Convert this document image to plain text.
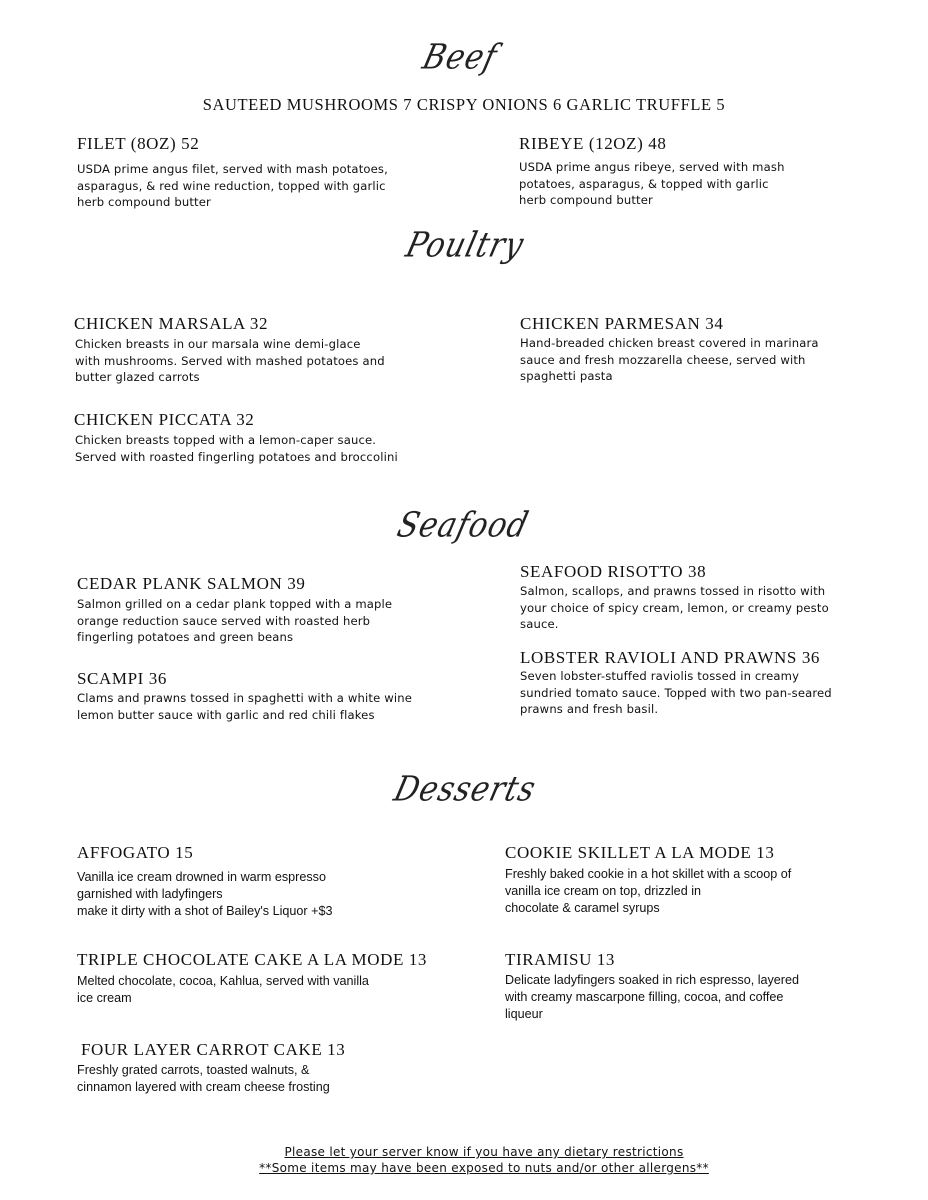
Beef
SAUTEED MUSHROOMS 7 CRISPY ONIONS 6 GARLIC TRUFFLE 5
FILET (8OZ) 52
USDA prime angus filet, served with mash potatoes,
asparagus, & red wine reduction, topped with garlic
herb compound butter
RIBEYE (12OZ) 48
USDA prime angus ribeye, served with mash
potatoes, asparagus, & topped with garlic
herb compound butter
Poultry
CHICKEN MARSALA 32
Chicken breasts in our marsala wine demi-glace
with mushrooms. Served with mashed potatoes and
butter glazed carrots
CHICKEN PARMESAN 34
Hand-breaded chicken breast covered in marinara
sauce and fresh mozzarella cheese, served with
spaghetti pasta
CHICKEN PICCATA 32
Chicken breasts topped with a lemon-caper sauce.
Served with roasted fingerling potatoes and broccolini
Seafood
CEDAR PLANK SALMON 39
Salmon grilled on a cedar plank topped with a maple
orange reduction sauce served with roasted herb
fingerling potatoes and green beans
SEAFOOD RISOTTO 38
Salmon, scallops, and prawns tossed in risotto with
your choice of spicy cream, lemon, or creamy pesto
sauce.
SCAMPI 36
Clams and prawns tossed in spaghetti with a white wine
lemon butter sauce with garlic and red chili flakes
LOBSTER RAVIOLI AND PRAWNS 36
Seven lobster-stuffed raviolis tossed in creamy
sundried tomato sauce. Topped with two pan-seared
prawns and fresh basil.
Desserts
AFFOGATO 15
Vanilla ice cream drowned in warm espresso
garnished with ladyfingers
make it dirty with a shot of Bailey's Liquor +$3
COOKIE SKILLET A LA MODE 13
Freshly baked cookie in a hot skillet with a scoop of
vanilla ice cream on top, drizzled in
chocolate & caramel syrups
TRIPLE CHOCOLATE CAKE A LA MODE 13
Melted chocolate, cocoa, Kahlua, served with vanilla
ice cream
TIRAMISU 13
Delicate ladyfingers soaked in rich espresso, layered
with creamy mascarpone filling, cocoa, and coffee
liqueur
FOUR LAYER CARROT CAKE 13
Freshly grated carrots, toasted walnuts, &
cinnamon layered with cream cheese frosting
Please let your server know if you have any dietary restrictions
**Some items may have been exposed to nuts and/or other allergens**
